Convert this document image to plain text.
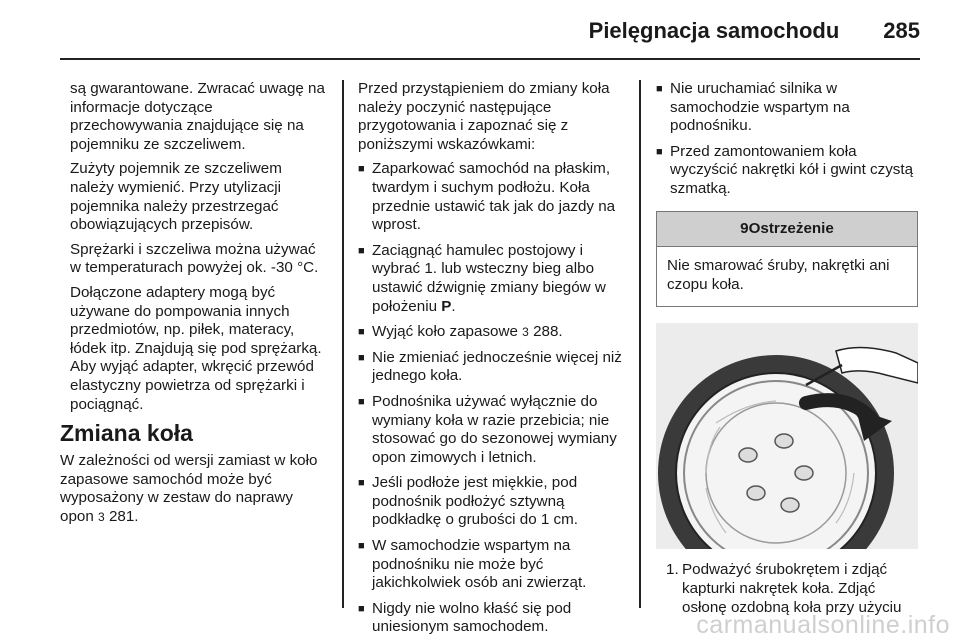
Pielęgnacja samochodu 285

są gwarantowane. Zwracać uwagę na informacje dotyczące przechowywania znajdujące się na pojemniku ze szczeliwem.

Zużyty pojemnik ze szczeliwem należy wymienić. Przy utylizacji pojemnika należy przestrzegać obowiązujących przepisów.

Sprężarki i szczeliwa można używać w temperaturach powyżej ok. -30 °C.

Dołączone adaptery mogą być używane do pompowania innych przedmiotów, np. piłek, materacy, łódek itp. Znajdują się pod sprężarką. Aby wyjąć adapter, wkręcić przewód elastyczny powietrza od sprężarki i pociągnąć.

Zmiana koła

W zależności od wersji zamiast w koło zapasowe samochód może być wyposażony w zestaw do naprawy opon 3 281.

Przed przystąpieniem do zmiany koła należy poczynić następujące przygotowania i zapoznać się z poniższymi wskazówkami:

■ Zaparkować samochód na płaskim, twardym i suchym podłożu. Koła przednie ustawić tak jak do jazdy na wprost.
■ Zaciągnąć hamulec postojowy i wybrać 1. lub wsteczny bieg albo ustawić dźwignię zmiany biegów w położeniu P.
■ Wyjąć koło zapasowe 3 288.
■ Nie zmieniać jednocześnie więcej niż jednego koła.
■ Podnośnika używać wyłącznie do wymiany koła w razie przebicia; nie stosować go do sezonowej wymiany opon zimowych i letnich.
■ Jeśli podłoże jest miękkie, pod podnośnik podłożyć sztywną podkładkę o grubości do 1 cm.
■ W samochodzie wspartym na podnośniku nie może być jakichkolwiek osób ani zwierząt.
■ Nigdy nie wolno kłaść się pod uniesionym samochodem.
■ Nie uruchamiać silnika w samochodzie wspartym na podnośniku.
■ Przed zamontowaniem koła wyczyścić nakrętki kół i gwint czystą szmatką.
9Ostrzeżenie
Nie smarować śruby, nakrętki ani czopu koła.
1. Podważyć śrubokrętem i zdjąć kapturki nakrętek koła. Zdjąć osłonę ozdobną koła przy użyciu
carmanualsonline.info
